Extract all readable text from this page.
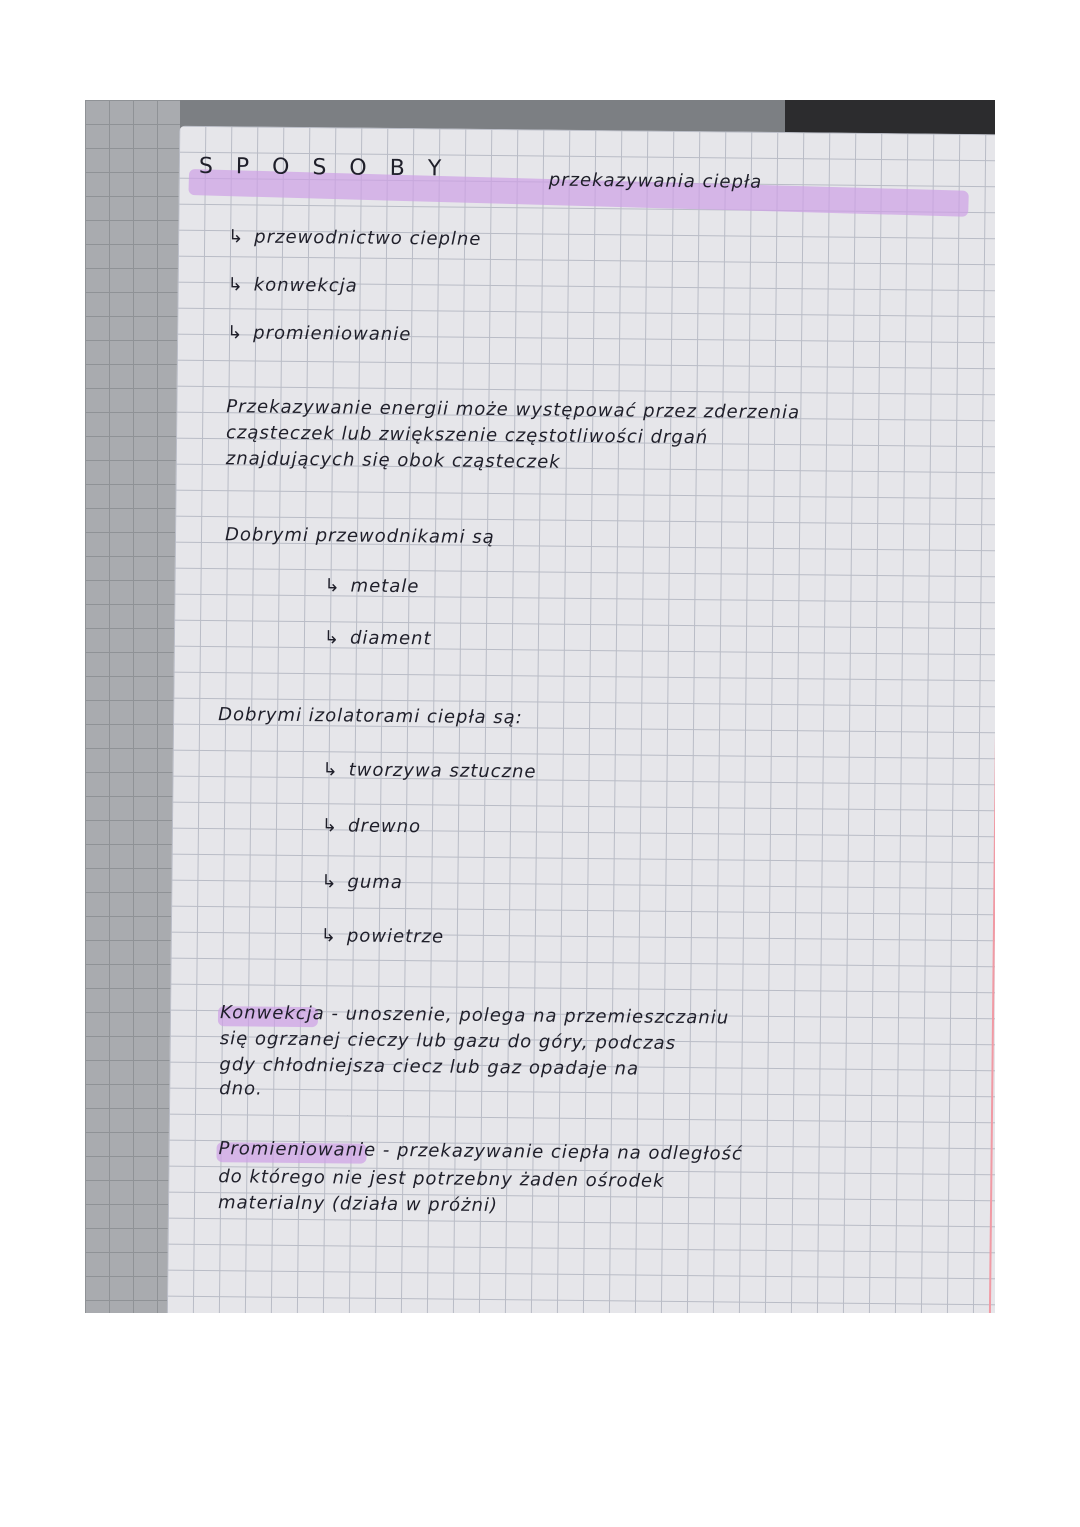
S P O S O B Y	przekazywania ciepła
↳ przewodnictwo cieplne
↳ konwekcja
↳ promieniowanie
Przekazywanie energii może występować przez zderzenia
cząsteczek lub zwiększenie częstotliwości drgań
znajdujących się obok cząsteczek
Dobrymi przewodnikami są
↳ metale
↳ diament
Dobrymi izolatorami ciepła są:
↳ tworzywa sztuczne
↳ drewno
↳ guma
↳ powietrze
Konwekcja - unoszenie, polega na przemieszczaniu
się ogrzanej cieczy lub gazu do góry, podczas
gdy chłodniejsza ciecz lub gaz opadaje na
dno.
Promieniowanie - przekazywanie ciepła na odległość
do którego nie jest potrzebny żaden ośrodek
materialny (działa w próżni)
